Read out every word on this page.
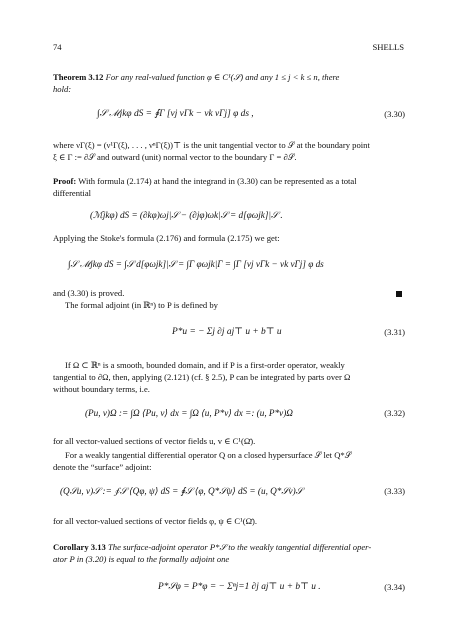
74	SHELLS
Theorem 3.12 For any real-valued function φ ∈ C¹(𝒮) and any 1 ≤ j < k ≤ n, there
hold:
∫𝒮 ℳjkφ dS = ∮Γ [νj νΓk − νk νΓj] φ ds ,	(3.30)
where νΓ(ξ) = (ν¹Γ(ξ), . . . , νⁿΓ(ξ))⊤ is the unit tangential vector to 𝒮 at the boundary point
ξ ∈ Γ := ∂𝒮 and outward (unit) normal vector to the boundary Γ = ∂𝒮.
Proof: With formula (2.174) at hand the integrand in (3.30) can be represented as a total
differential
(ℳjkφ) dS = (∂kφ)ωj|𝒮 − (∂jφ)ωk|𝒮 = d[φωjk]|𝒮 .
Applying the Stoke's formula (2.176) and formula (2.175) we get:
∫𝒮 ℳjkφ dS = ∫𝒮 d[φωjk]|𝒮 = ∫Γ φωjk|Γ = ∫Γ [νj νΓk − νk νΓj] φ ds
and (3.30) is proved.
The formal adjoint (in ℝⁿ) to P is defined by
P*u = − Σj ∂j aj⊤ u + b⊤ u	(3.31)
If Ω ⊂ ℝⁿ is a smooth, bounded domain, and if P is a first-order operator, weakly
tangential to ∂Ω, then, applying (2.121) (cf. § 2.5), P can be integrated by parts over Ω
without boundary terms, i.e.
(Pu, v)Ω := ∫Ω ⟨Pu, v⟩ dx = ∫Ω ⟨u, P*v⟩ dx =: (u, P*v)Ω	(3.32)
for all vector-valued sections of vector fields u, v ∈ C¹(Ω̄).
For a weakly tangential differential operator Q on a closed hypersurface 𝒮 let Q*𝒮
denote the “surface” adjoint:
(Q𝒮u, v)𝒮 := ∮𝒮 ⟨Qφ, ψ⟩ dS = ∮𝒮 ⟨φ, Q*𝒮ψ⟩ dS = (u, Q*𝒮v)𝒮	(3.33)
for all vector-valued sections of vector fields φ, ψ ∈ C¹(Ω̄).
Corollary 3.13 The surface-adjoint operator P*𝒮 to the weakly tangential differential oper-
ator P in (3.20) is equal to the formally adjoint one
P*𝒮φ = P*φ = − Σⁿj=1 ∂j aj⊤ u + b⊤ u .	(3.34)
